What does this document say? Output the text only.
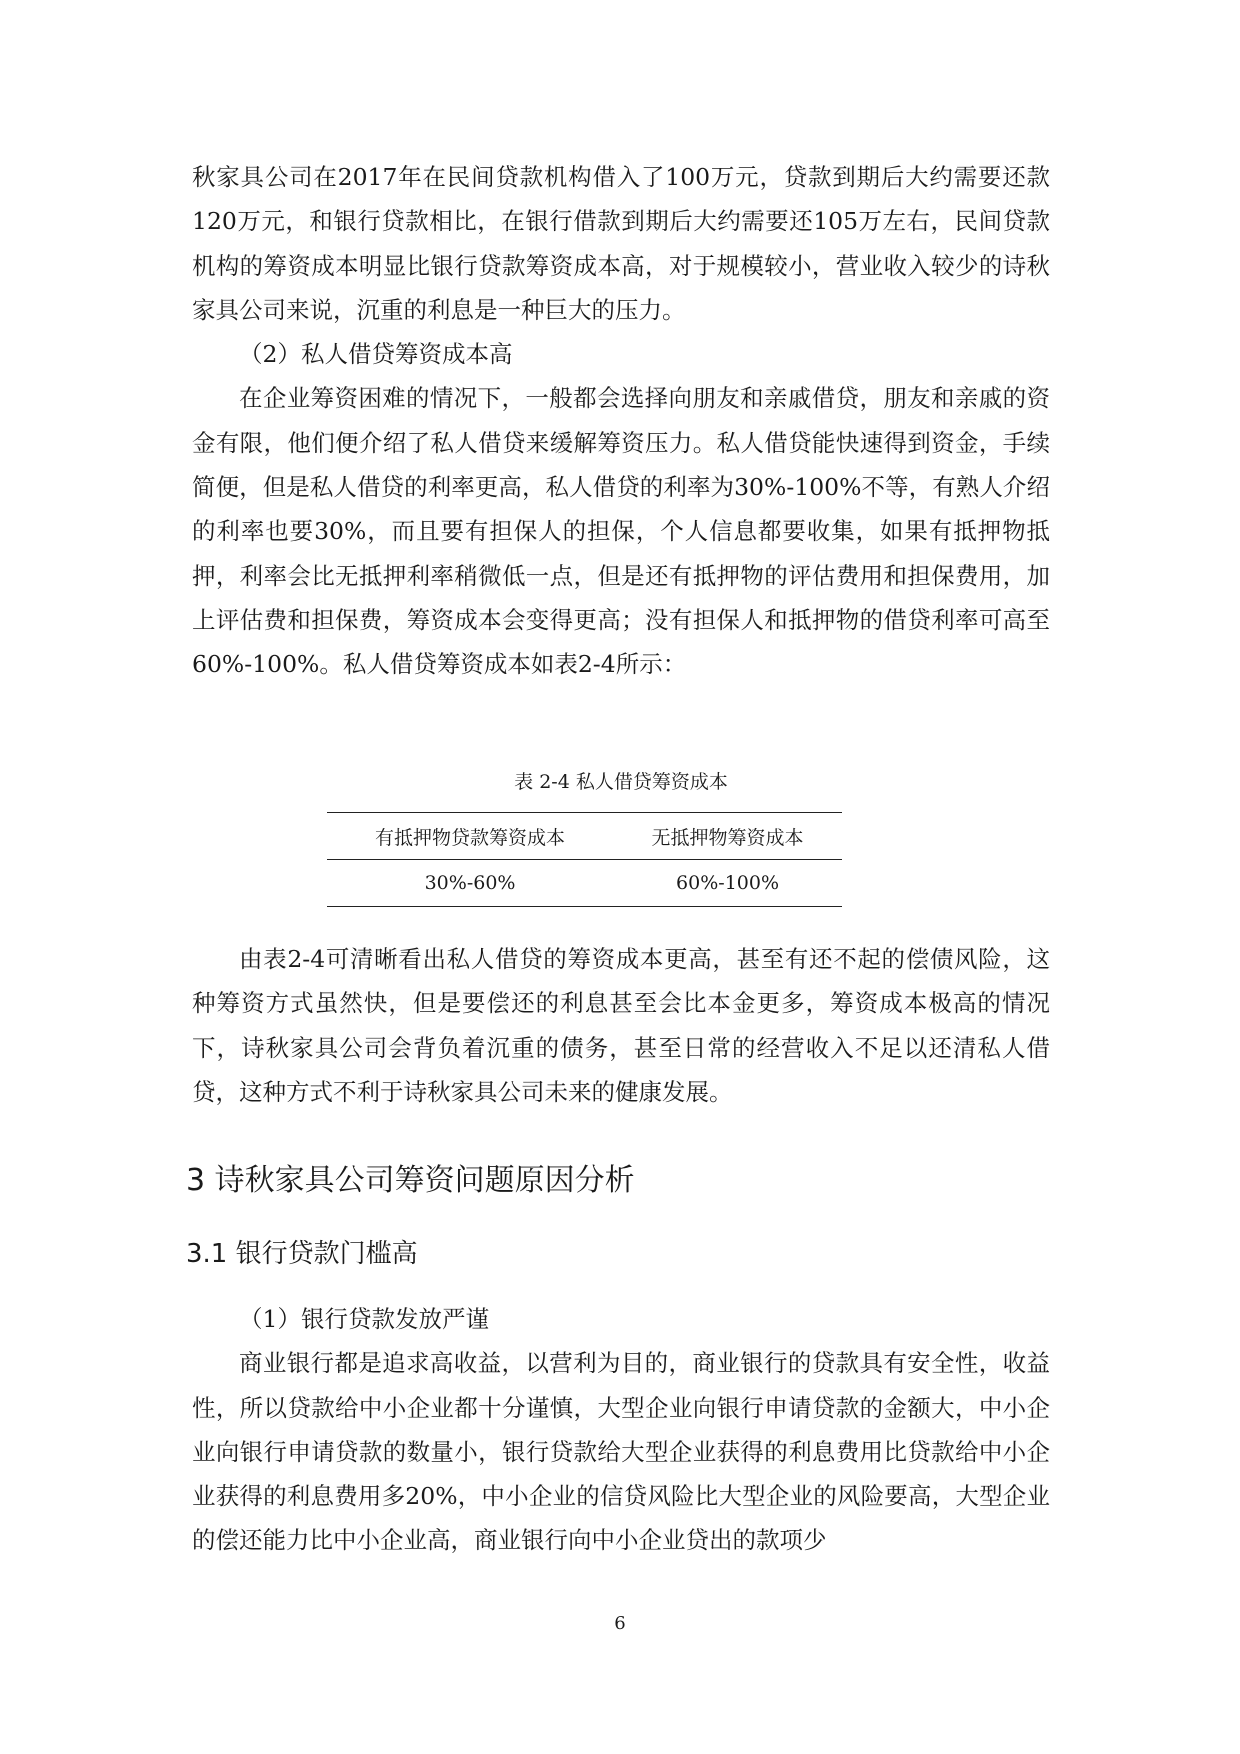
秋家具公司在2017年在民间贷款机构借入了100万元，贷款到期后大约需要还款120万元，和银行贷款相比，在银行借款到期后大约需要还105万左右，民间贷款机构的筹资成本明显比银行贷款筹资成本高，对于规模较小，营业收入较少的诗秋家具公司来说，沉重的利息是一种巨大的压力。

（2）私人借贷筹资成本高

在企业筹资困难的情况下，一般都会选择向朋友和亲戚借贷，朋友和亲戚的资金有限，他们便介绍了私人借贷来缓解筹资压力。私人借贷能快速得到资金，手续简便，但是私人借贷的利率更高，私人借贷的利率为30%-100%不等，有熟人介绍的利率也要30%，而且要有担保人的担保，个人信息都要收集，如果有抵押物抵押，利率会比无抵押利率稍微低一点，但是还有抵押物的评估费用和担保费用，加上评估费和担保费，筹资成本会变得更高；没有担保人和抵押物的借贷利率可高至60%-100%。私人借贷筹资成本如表2-4所示：

表 2-4 私人借贷筹资成本

有抵押物贷款筹资成本	无抵押物筹资成本
30%-60%	60%-100%

由表2-4可清晰看出私人借贷的筹资成本更高，甚至有还不起的偿债风险，这种筹资方式虽然快，但是要偿还的利息甚至会比本金更多，筹资成本极高的情况下，诗秋家具公司会背负着沉重的债务，甚至日常的经营收入不足以还清私人借贷，这种方式不利于诗秋家具公司未来的健康发展。

3 诗秋家具公司筹资问题原因分析
3.1 银行贷款门槛高

（1）银行贷款发放严谨

商业银行都是追求高收益，以营利为目的，商业银行的贷款具有安全性，收益性，所以贷款给中小企业都十分谨慎，大型企业向银行申请贷款的金额大，中小企业向银行申请贷款的数量小，银行贷款给大型企业获得的利息费用比贷款给中小企业获得的利息费用多20%，中小企业的信贷风险比大型企业的风险要高，大型企业的偿还能力比中小企业高，商业银行向中小企业贷出的款项少

6
